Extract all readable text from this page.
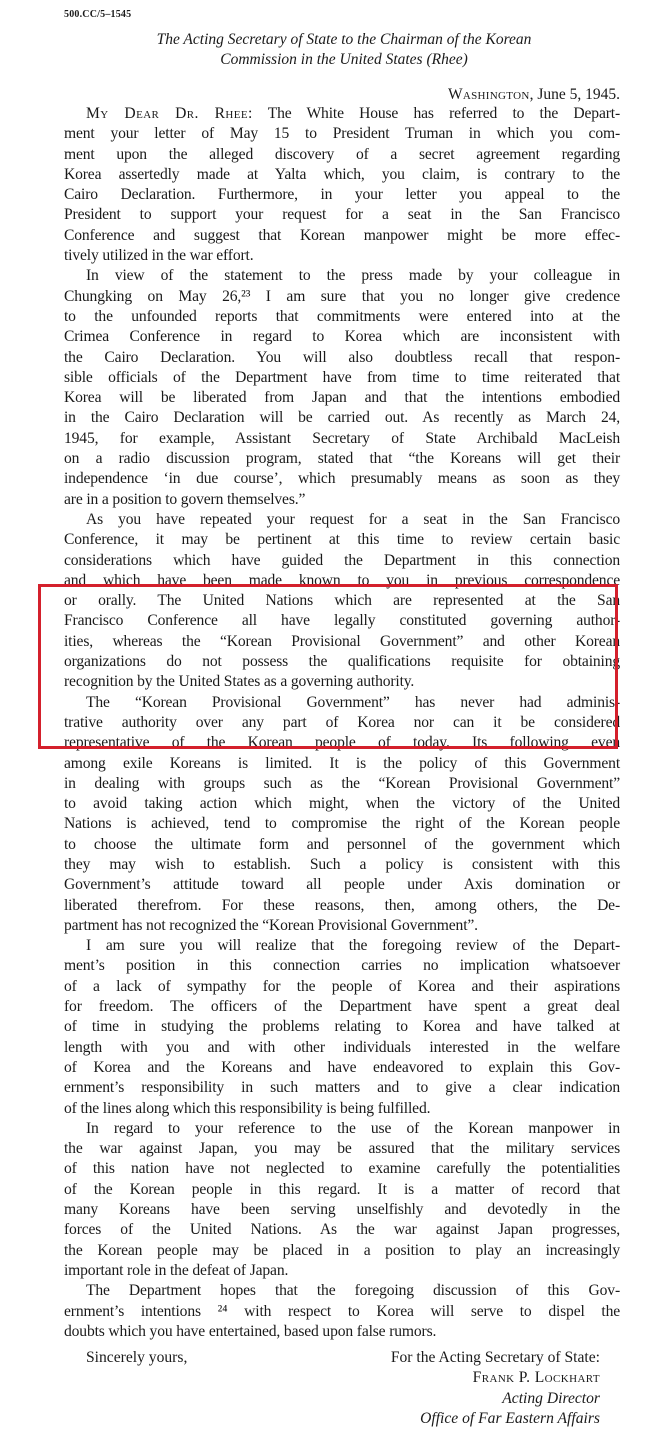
500.CC/5–1545
The Acting Secretary of State to the Chairman of the Korean
Commission in the United States (Rhee)
Washington, June 5, 1945.
My Dear Dr. Rhee: The White House has referred to the Depart-
ment your letter of May 15 to President Truman in which you com-
ment upon the alleged discovery of a secret agreement regarding
Korea assertedly made at Yalta which, you claim, is contrary to the
Cairo Declaration. Furthermore, in your letter you appeal to the
President to support your request for a seat in the San Francisco
Conference and suggest that Korean manpower might be more effec-
tively utilized in the war effort.
In view of the statement to the press made by your colleague in
Chungking on May 26,²³ I am sure that you no longer give credence
to the unfounded reports that commitments were entered into at the
Crimea Conference in regard to Korea which are inconsistent with
the Cairo Declaration. You will also doubtless recall that respon-
sible officials of the Department have from time to time reiterated that
Korea will be liberated from Japan and that the intentions embodied
in the Cairo Declaration will be carried out. As recently as March 24,
1945, for example, Assistant Secretary of State Archibald MacLeish
on a radio discussion program, stated that “the Koreans will get their
independence ‘in due course’, which presumably means as soon as they
are in a position to govern themselves.”
As you have repeated your request for a seat in the San Francisco
Conference, it may be pertinent at this time to review certain basic
considerations which have guided the Department in this connection
and which have been made known to you in previous correspondence
or orally. The United Nations which are represented at the San
Francisco Conference all have legally constituted governing author-
ities, whereas the “Korean Provisional Government” and other Korean
organizations do not possess the qualifications requisite for obtaining
recognition by the United States as a governing authority.
The “Korean Provisional Government” has never had adminis-
trative authority over any part of Korea nor can it be considered
representative of the Korean people of today. Its following even
among exile Koreans is limited. It is the policy of this Government
in dealing with groups such as the “Korean Provisional Government”
to avoid taking action which might, when the victory of the United
Nations is achieved, tend to compromise the right of the Korean people
to choose the ultimate form and personnel of the government which
they may wish to establish. Such a policy is consistent with this
Government’s attitude toward all people under Axis domination or
liberated therefrom. For these reasons, then, among others, the De-
partment has not recognized the “Korean Provisional Government”.
I am sure you will realize that the foregoing review of the Depart-
ment’s position in this connection carries no implication whatsoever
of a lack of sympathy for the people of Korea and their aspirations
for freedom. The officers of the Department have spent a great deal
of time in studying the problems relating to Korea and have talked at
length with you and with other individuals interested in the welfare
of Korea and the Koreans and have endeavored to explain this Gov-
ernment’s responsibility in such matters and to give a clear indication
of the lines along which this responsibility is being fulfilled.
In regard to your reference to the use of the Korean manpower in
the war against Japan, you may be assured that the military services
of this nation have not neglected to examine carefully the potentialities
of the Korean people in this regard. It is a matter of record that
many Koreans have been serving unselfishly and devotedly in the
forces of the United Nations. As the war against Japan progresses,
the Korean people may be placed in a position to play an increasingly
important role in the defeat of Japan.
The Department hopes that the foregoing discussion of this Gov-
ernment’s intentions ²⁴ with respect to Korea will serve to dispel the
doubts which you have entertained, based upon false rumors.
Sincerely yours,	For the Acting Secretary of State:
Frank P. Lockhart
Acting Director
Office of Far Eastern Affairs
